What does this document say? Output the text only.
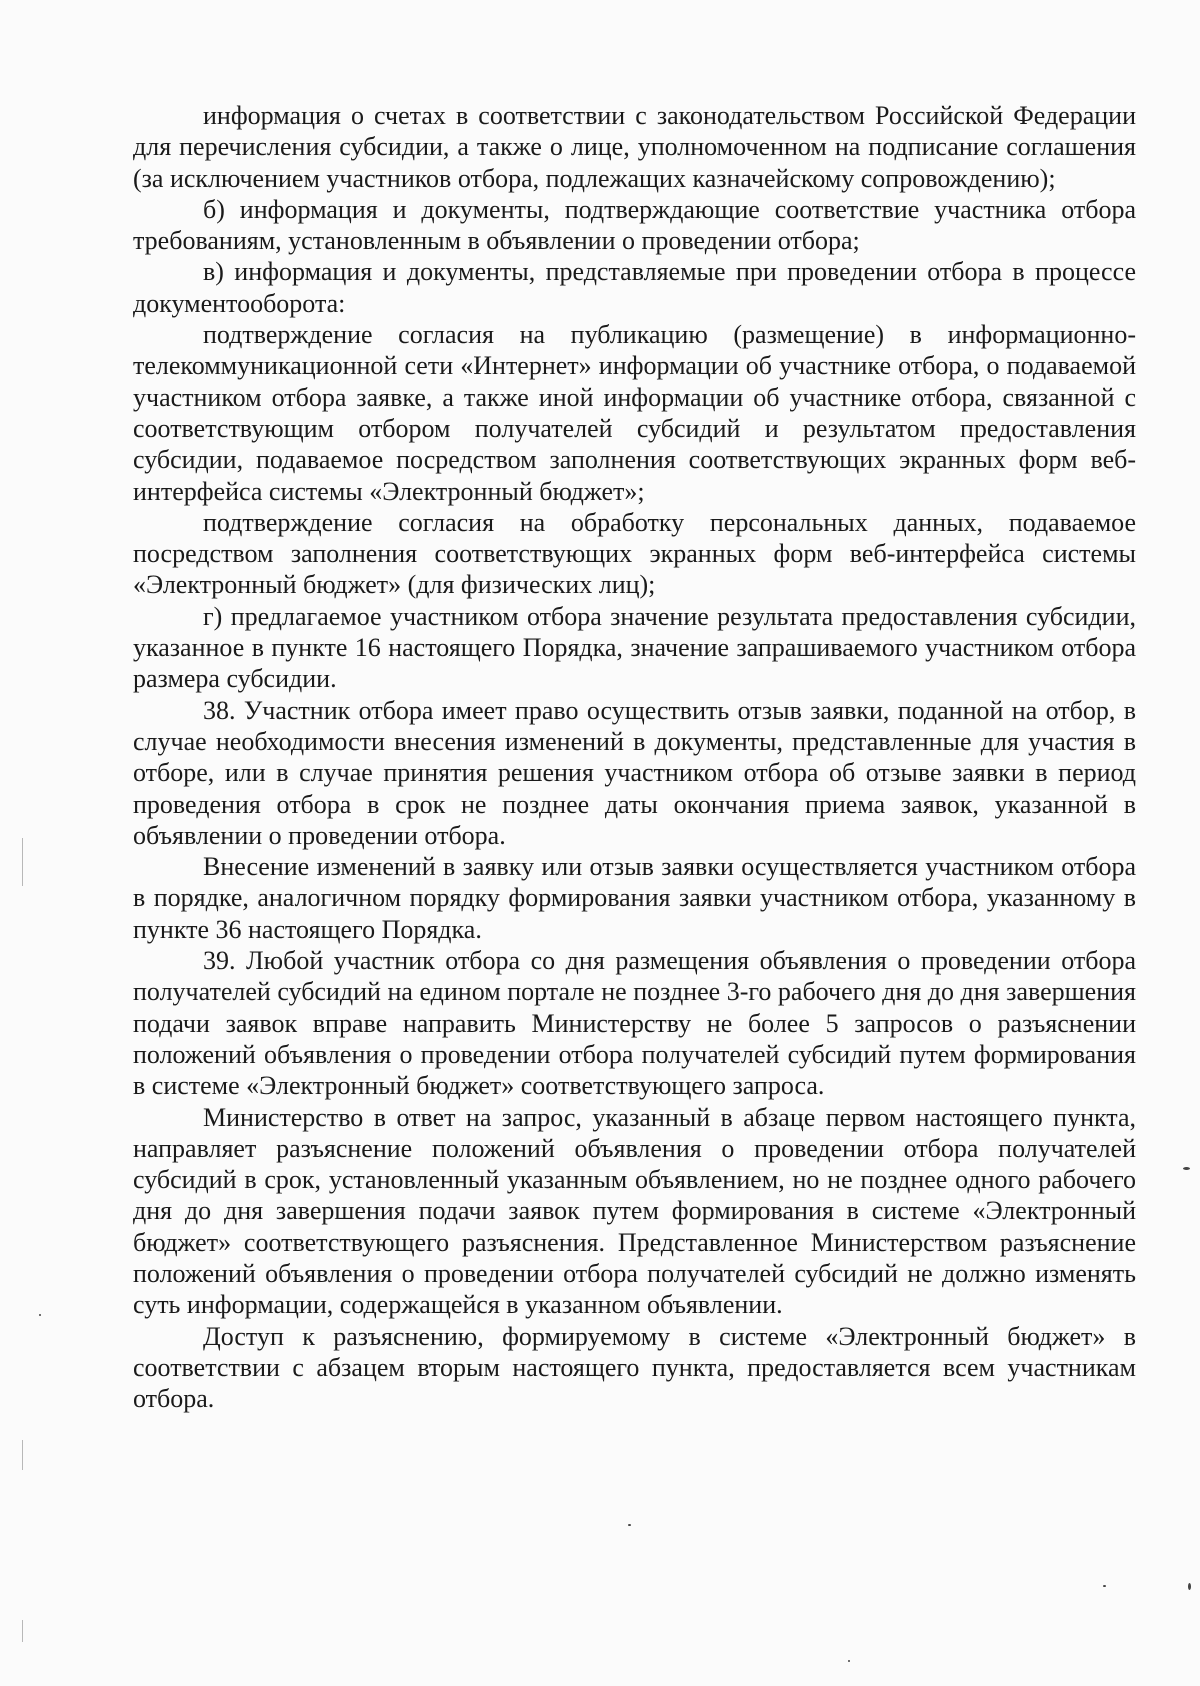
информация о счетах в соответствии с законодательством Российской Федерации для перечисления субсидии, а также о лице, уполномоченном на подписание соглашения (за исключением участников отбора, подлежащих казначейскому сопровождению);

б) информация и документы, подтверждающие соответствие участника отбора требованиям, установленным в объявлении о проведении отбора;

в) информация и документы, представляемые при проведении отбора в процессе документооборота:

подтверждение согласия на публикацию (размещение) в информационно-телекоммуникационной сети «Интернет» информации об участнике отбора, о подаваемой участником отбора заявке, а также иной информации об участнике отбора, связанной с соответствующим отбором получателей субсидий и результатом предоставления субсидии, подаваемое посредством заполнения соответствующих экранных форм веб-интерфейса системы «Электронный бюджет»;

подтверждение согласия на обработку персональных данных, подаваемое посредством заполнения соответствующих экранных форм веб-интерфейса системы «Электронный бюджет» (для физических лиц);

г) предлагаемое участником отбора значение результата предоставления субсидии, указанное в пункте 16 настоящего Порядка, значение запрашиваемого участником отбора размера субсидии.

38. Участник отбора имеет право осуществить отзыв заявки, поданной на отбор, в случае необходимости внесения изменений в документы, представленные для участия в отборе, или в случае принятия решения участником отбора об отзыве заявки в период проведения отбора в срок не позднее даты окончания приема заявок, указанной в объявлении о проведении отбора.

Внесение изменений в заявку или отзыв заявки осуществляется участником отбора в порядке, аналогичном порядку формирования заявки участником отбора, указанному в пункте 36 настоящего Порядка.

39. Любой участник отбора со дня размещения объявления о проведении отбора получателей субсидий на едином портале не позднее 3-го рабочего дня до дня завершения подачи заявок вправе направить Министерству не более 5 запросов о разъяснении положений объявления о проведении отбора получателей субсидий путем формирования в системе «Электронный бюджет» соответствующего запроса.

Министерство в ответ на запрос, указанный в абзаце первом настоящего пункта, направляет разъяснение положений объявления о проведении отбора получателей субсидий в срок, установленный указанным объявлением, но не позднее одного рабочего дня до дня завершения подачи заявок путем формирования в системе «Электронный бюджет» соответствующего разъяснения. Представленное Министерством разъяснение положений объявления о проведении отбора получателей субсидий не должно изменять суть информации, содержащейся в указанном объявлении.

Доступ к разъяснению, формируемому в системе «Электронный бюджет» в соответствии с абзацем вторым настоящего пункта, предоставляется всем участникам отбора.
